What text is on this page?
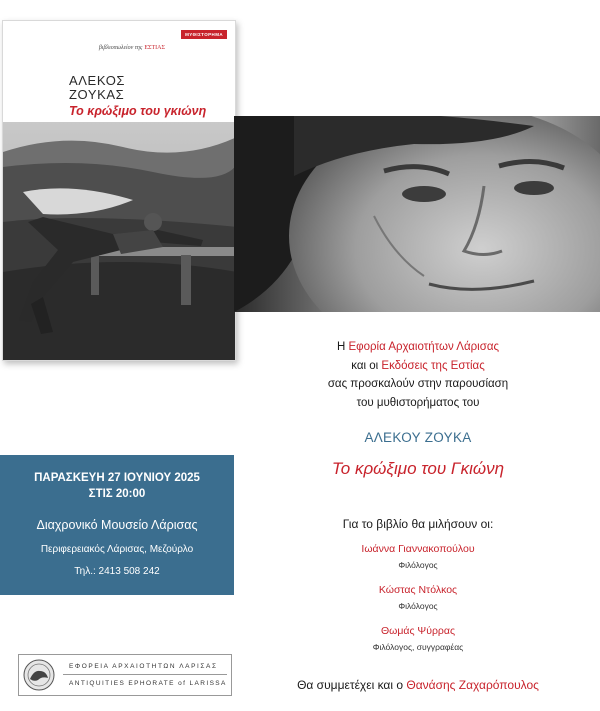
ΜΥΘΙΣΤΟΡΗΜΑ
βιβλιοπωλείον της ΕΣΤΙΑΣ
ΑΛΕΚΟΣ
ΖΟΥΚΑΣ
Το κρώξιμο του γκιώνη
ΠΑΡΑΣΚΕΥΗ 27 ΙΟΥΝΙΟΥ 2025
ΣΤΙΣ 20:00
Διαχρονικό Μουσείο Λάρισας
Περιφερειακός Λάρισας, Μεζούρλο
Τηλ.: 2413 508 242
ΕΦΟΡΕΙΑ ΑΡΧΑΙΟΤΗΤΩΝ ΛΑΡΙΣΑΣ
ANTIQUITIES EPHORATE of LARISSA
Η Εφορία Αρχαιοτήτων Λάρισας
και οι Εκδόσεις της Εστίας
σας προσκαλούν στην παρουσίαση
του μυθιστορήματος του
ΑΛΕΚΟΥ ΖΟΥΚΑ
Το κρώξιμο του Γκιώνη
Για το βιβλίο θα μιλήσουν οι:
Ιωάννα Γιαννακοπούλου
Φιλόλογος
Κώστας Ντόλκος
Φιλόλογος
Θωμάς Ψύρρας
Φιλόλογος, συγγραφέας
Θα συμμετέχει και ο Θανάσης Ζαχαρόπουλος
